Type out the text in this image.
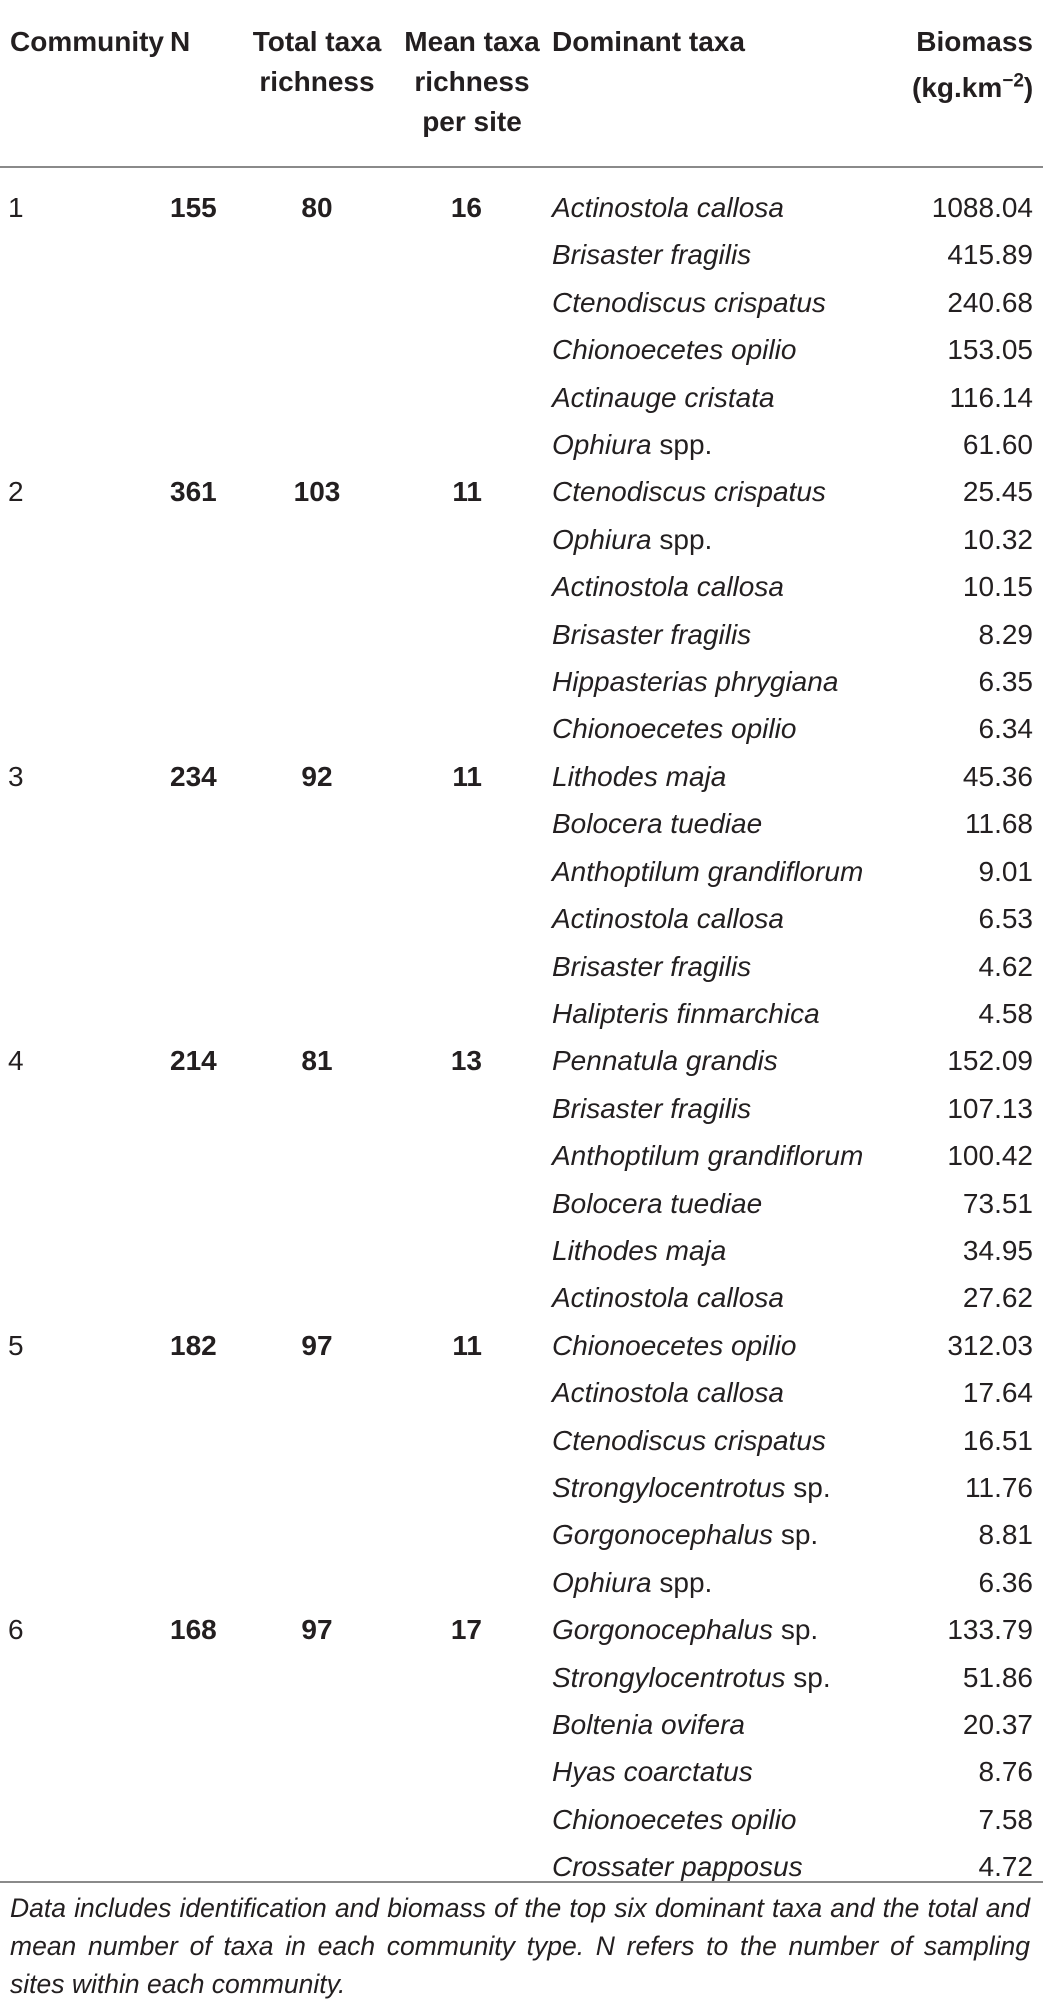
Community	N	Total taxa richness	Mean taxa richness per site	Dominant taxa	Biomass
$(kg.km^{-2})$

1	155	80	16	Actinostola callosa	1088.04
				Brisaster fragilis	415.89
				Ctenodiscus crispatus	240.68
				Chionoecetes opilio	153.05
				Actinauge cristata	116.14
				Ophiura spp.	61.60
2	361	103	11	Ctenodiscus crispatus	25.45
				Ophiura spp.	10.32
				Actinostola callosa	10.15
				Brisaster fragilis	8.29
				Hippasterias phrygiana	6.35
				Chionoecetes opilio	6.34
3	234	92	11	Lithodes maja	45.36
				Bolocera tuediae	11.68
				Anthoptilum grandiflorum	9.01
				Actinostola callosa	6.53
				Brisaster fragilis	4.62
				Halipteris finmarchica	4.58
4	214	81	13	Pennatula grandis	152.09
				Brisaster fragilis	107.13
				Anthoptilum grandiflorum	100.42
				Bolocera tuediae	73.51
				Lithodes maja	34.95
				Actinostola callosa	27.62
5	182	97	11	Chionoecetes opilio	312.03
				Actinostola callosa	17.64
				Ctenodiscus crispatus	16.51
				Strongylocentrotus sp.	11.76
				Gorgonocephalus sp.	8.81
				Ophiura spp.	6.36
6	168	97	17	Gorgonocephalus sp.	133.79
				Strongylocentrotus sp.	51.86
				Boltenia ovifera	20.37
				Hyas coarctatus	8.76
				Chionoecetes opilio	7.58
				Crossater papposus	4.72
Data includes identification and biomass of the top six dominant taxa and the total and mean number of taxa in each community type. N refers to the number of sampling sites within each community.
